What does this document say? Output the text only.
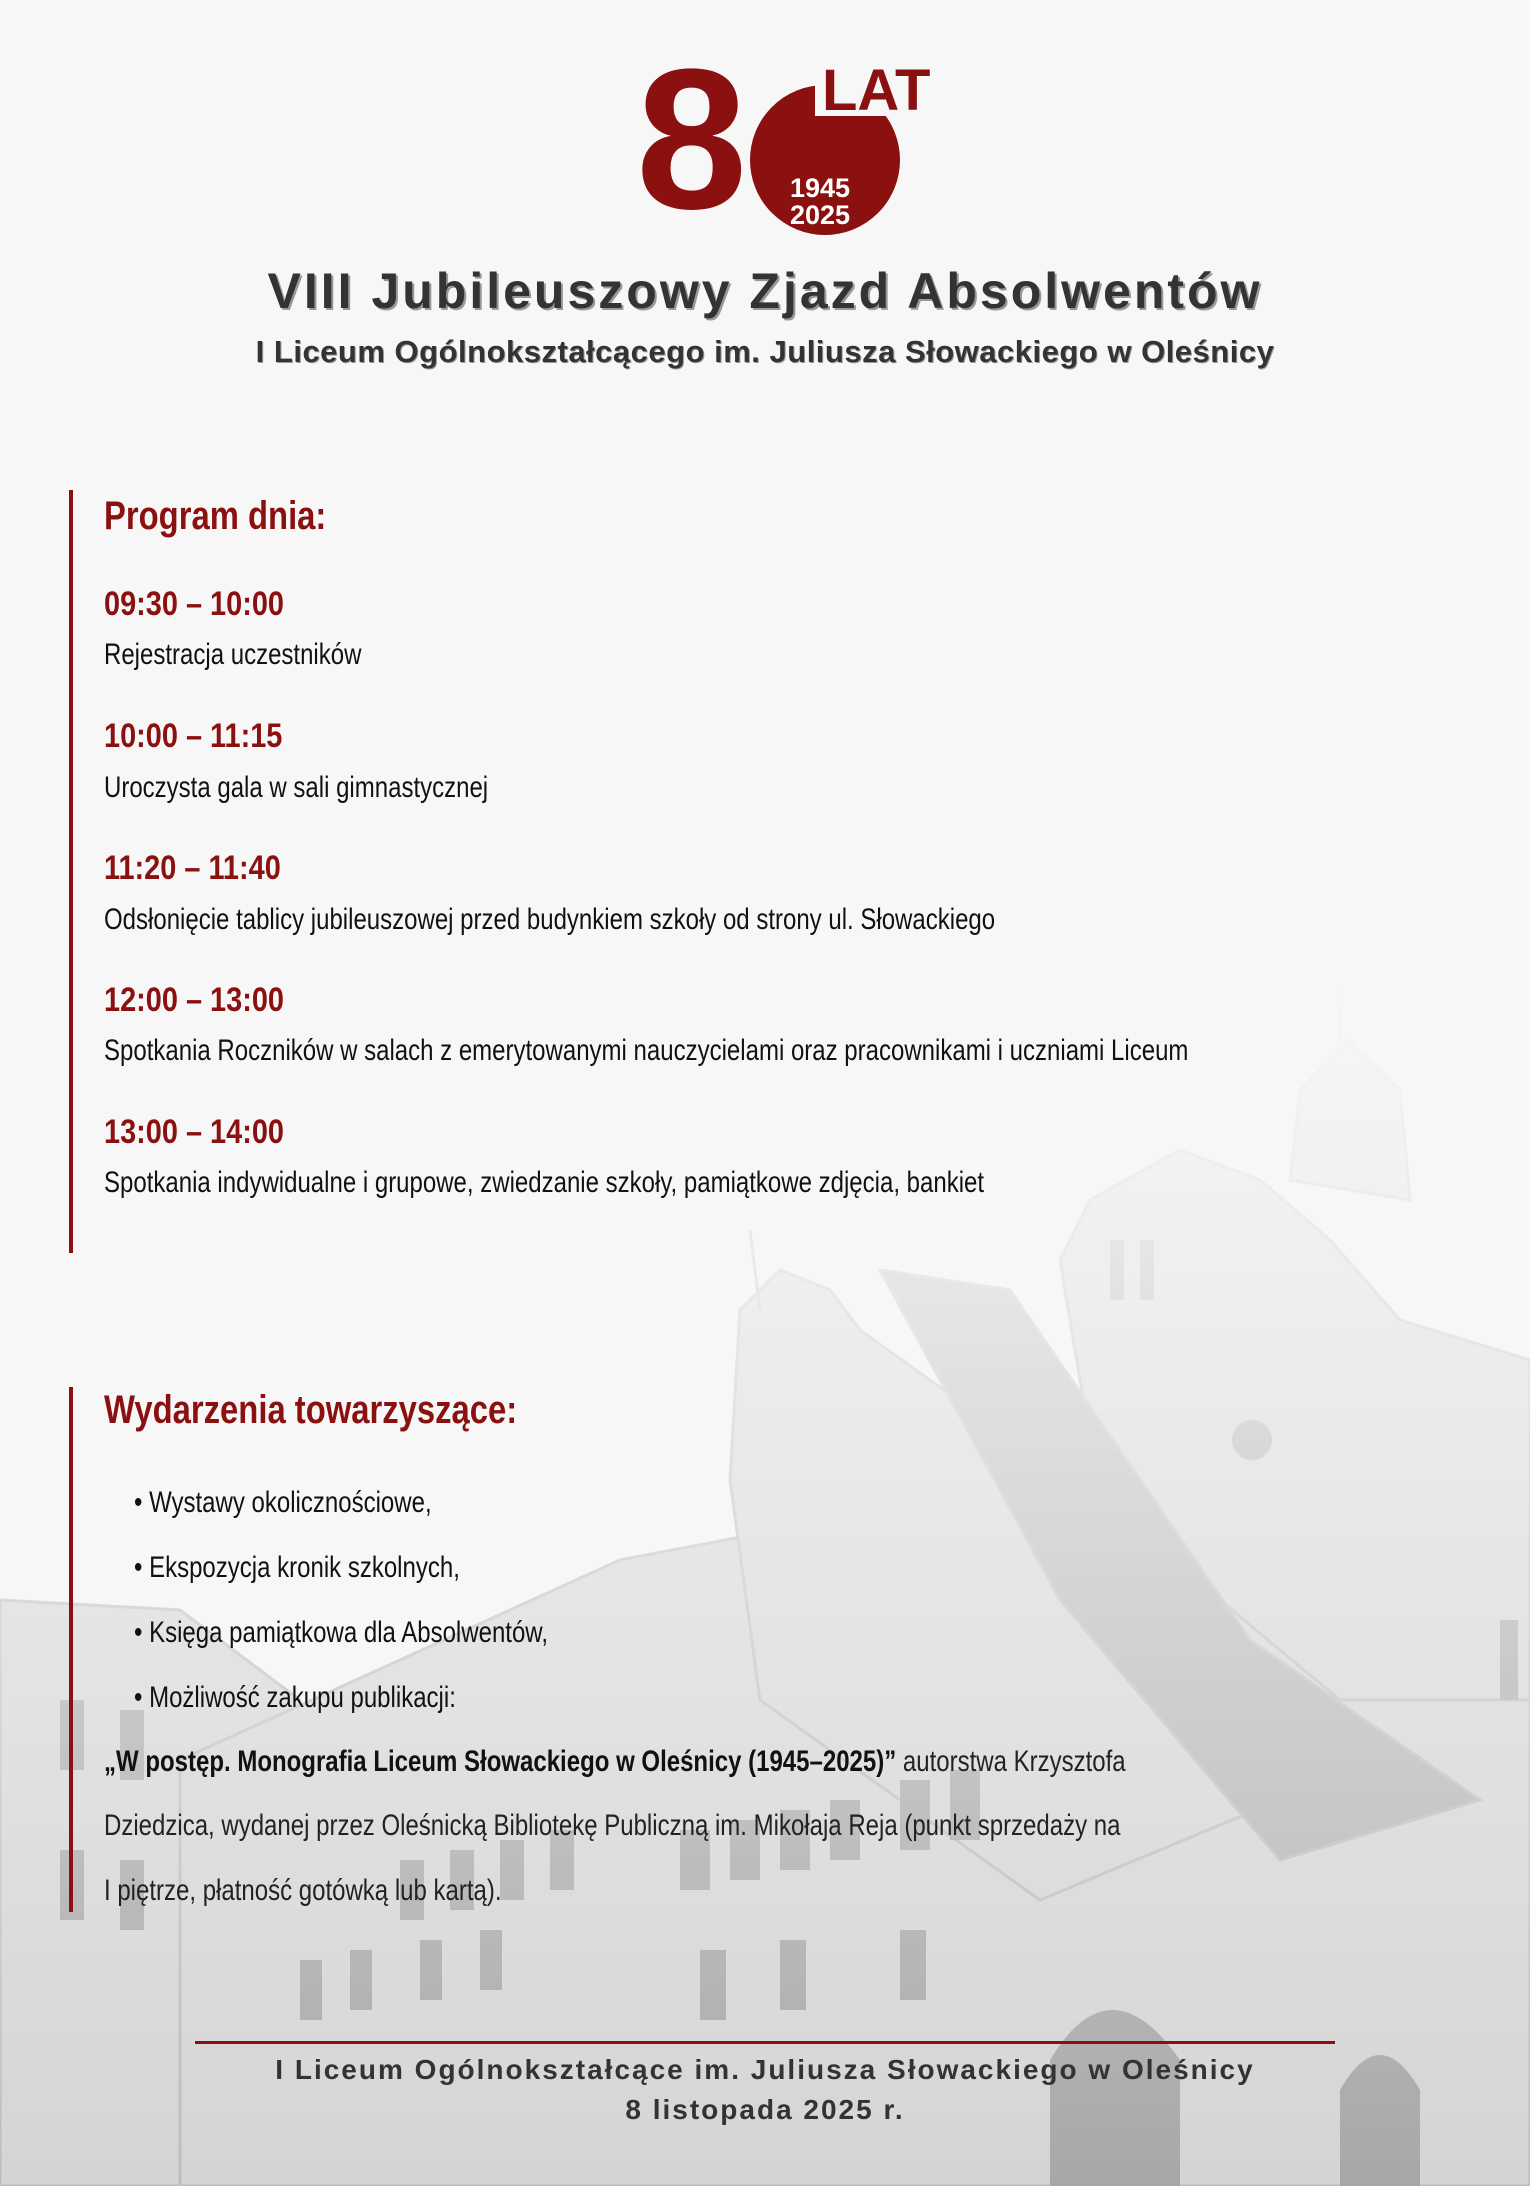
8 LAT
1945
2025
VIII Jubileuszowy Zjazd Absolwentów
I Liceum Ogólnokształcącego im. Juliusza Słowackiego w Oleśnicy
Program dnia:
09:30 – 10:00
Rejestracja uczestników
10:00 – 11:15
Uroczysta gala w sali gimnastycznej
11:20 – 11:40
Odsłonięcie tablicy jubileuszowej przed budynkiem szkoły od strony ul. Słowackiego
12:00 – 13:00
Spotkania Roczników w salach z emerytowanymi nauczycielami oraz pracownikami i uczniami Liceum
13:00 – 14:00
Spotkania indywidualne i grupowe, zwiedzanie szkoły, pamiątkowe zdjęcia, bankiet
Wydarzenia towarzyszące:
• Wystawy okolicznościowe,
• Ekspozycja kronik szkolnych,
• Księga pamiątkowa dla Absolwentów,
• Możliwość zakupu publikacji:
„W postęp. Monografia Liceum Słowackiego w Oleśnicy (1945–2025)” autorstwa Krzysztofa
Dziedzica, wydanej przez Oleśnicką Bibliotekę Publiczną im. Mikołaja Reja (punkt sprzedaży na
I piętrze, płatność gotówką lub kartą).
I Liceum Ogólnokształcące im. Juliusza Słowackiego w Oleśnicy
8 listopada 2025 r.
